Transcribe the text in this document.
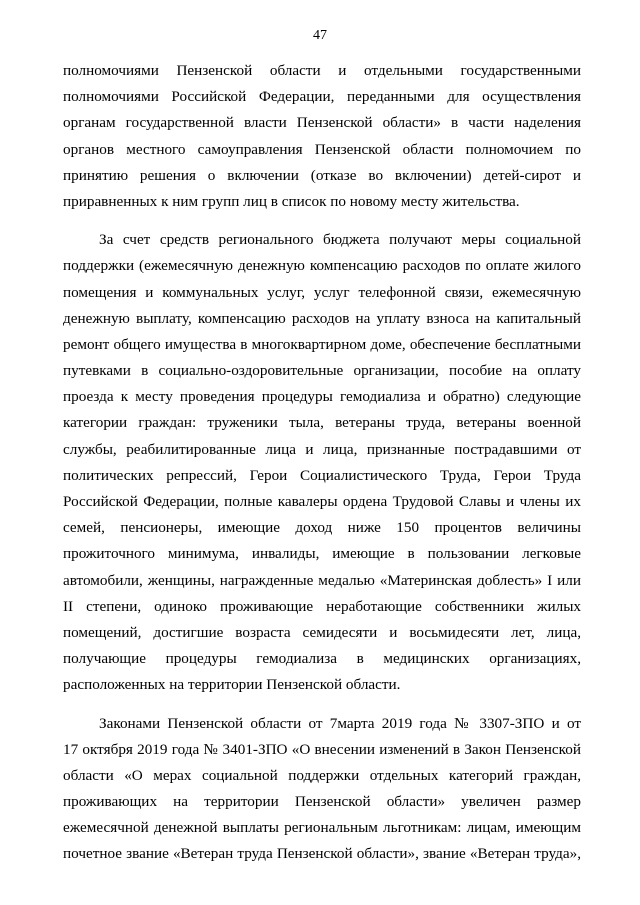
47
полномочиями Пензенской области и отдельными государственными
полномочиями Российской Федерации, переданными для осуществления
органам государственной власти Пензенской области» в части наделения
органов местного самоуправления Пензенской области полномочием по
принятию решения о включении (отказе во включении) детей-сирот и
приравненных к ним групп лиц в список по новому месту жительства.
За счет средств регионального бюджета получают меры социальной
поддержки (ежемесячную денежную компенсацию расходов по оплате жилого
помещения и коммунальных услуг, услуг телефонной связи, ежемесячную
денежную выплату, компенсацию расходов на уплату взноса на капитальный
ремонт общего имущества в многоквартирном доме, обеспечение бесплатными
путевками в социально-оздоровительные организации, пособие на оплату
проезда к месту проведения процедуры гемодиализа и обратно) следующие
категории граждан: труженики тыла, ветераны труда, ветераны военной
службы, реабилитированные лица и лица, признанные пострадавшими от
политических репрессий, Герои Социалистического Труда, Герои Труда
Российской Федерации, полные кавалеры ордена Трудовой Славы и члены их
семей, пенсионеры, имеющие доход ниже 150 процентов величины
прожиточного минимума, инвалиды, имеющие в пользовании легковые
автомобили, женщины, награжденные медалью «Материнская доблесть» I или
II степени, одиноко проживающие неработающие собственники жилых
помещений, достигшие возраста семидесяти и восьмидесяти лет, лица,
получающие процедуры гемодиализа в медицинских организациях,
расположенных на территории Пензенской области.
Законами Пензенской области от 7марта 2019 года № 3307-ЗПО и от
17 октября 2019 года № 3401-ЗПО «О внесении изменений в Закон Пензенской
области «О мерах социальной поддержки отдельных категорий граждан,
проживающих на территории Пензенской области» увеличен размер
ежемесячной денежной выплаты региональным льготникам: лицам, имеющим
почетное звание «Ветеран труда Пензенской области», звание «Ветеран труда»,
